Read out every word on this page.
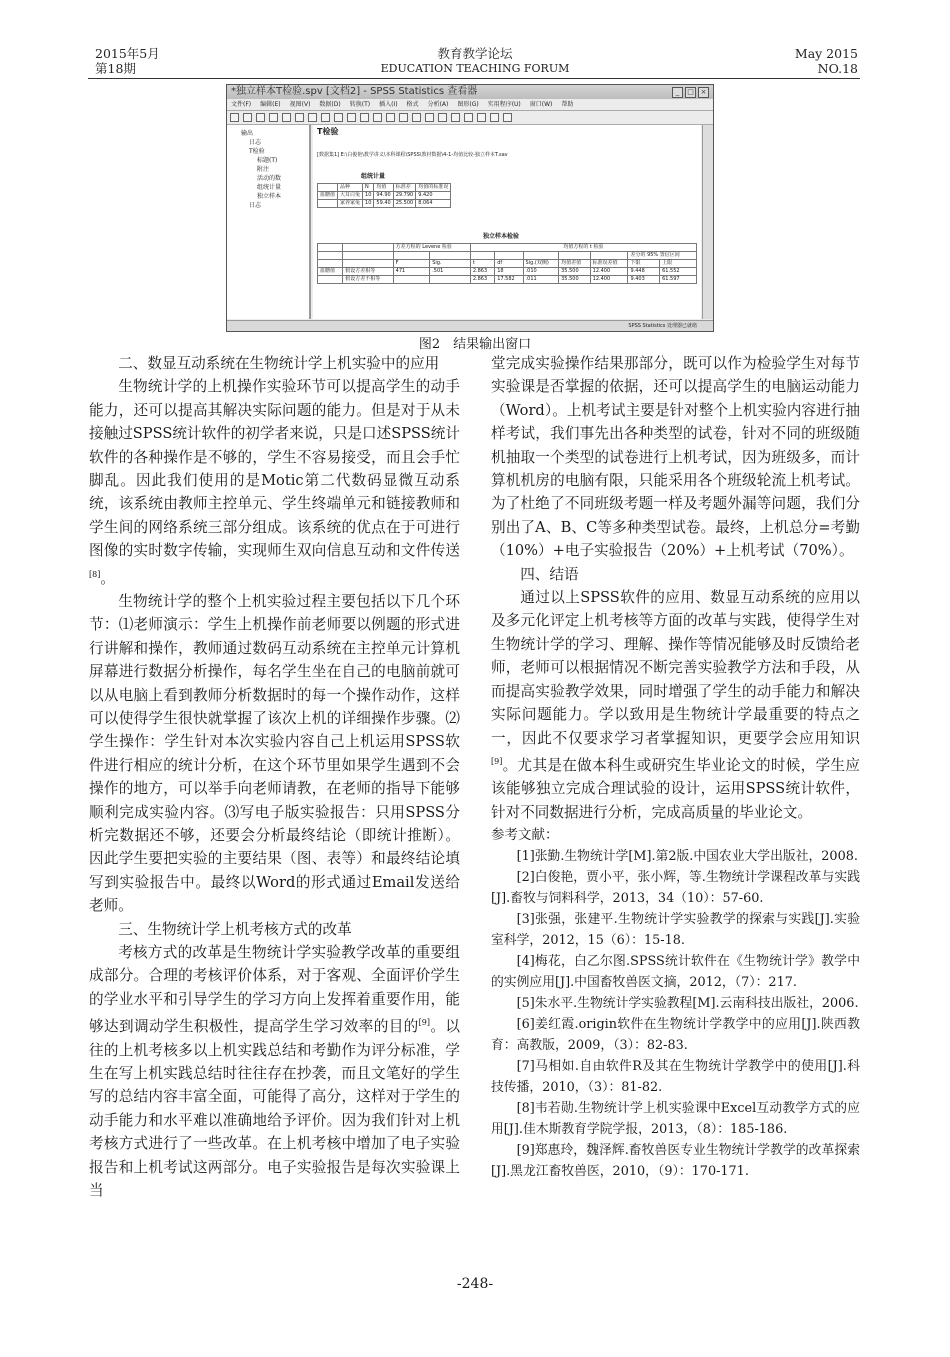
2015年5月
第18期
教育教学论坛
EDUCATION TEACHING FORUM
May 2015
NO.18
*独立样本T检验.spv [文档2] - SPSS Statistics 查看器	_	□ ×
文件(F) 编辑(E) 视图(V) 数据(D) 转换(T) 插入(I) 格式 分析(A) 图形(G) 实用程序(U) 窗口(W) 帮助
输出
日志
T检验
标题(T)
附注
活动的数
组统计量
独立样本
日志
T检验
[数据集1] E:\白俊艳\教学讲义\本科课程\SPSS\教材数据\4-1-均值比较-独立样本T.sav
组统计量
	品种	N	均值	标准差	均值的标准误
血糖值	大耳白兔	10	94.90	29.790	9.420
	家养家兔	10	59.40	25.500	8.064
独立样本检验
		方差方程的 Levene 检验		均值方程的 t 检验						
									差分的 95% 置信区间	
		F	Sig.	t	df	Sig.(双侧)	均值差值	标准误差值	下限	上限
血糖值	假设方差相等	471	.501	2.863	18	.010	35.500	12.400	9.448	61.552
	假设方差不相等			2.863	17.582	.011	35.500	12.400	9.403	61.597
SPSS Statistics 处理器已就绪
图2　结果输出窗口

二、数显互动系统在生物统计学上机实验中的应用

生物统计学的上机操作实验环节可以提高学生的动手能力，还可以提高其解决实际问题的能力。但是对于从未接触过SPSS统计软件的初学者来说，只是口述SPSS统计软件的各种操作是不够的，学生不容易接受，而且会手忙脚乱。因此我们使用的是Motic第二代数码显微互动系统，该系统由教师主控单元、学生终端单元和链接教师和学生间的网络系统三部分组成。该系统的优点在于可进行图像的实时数字传输，实现师生双向信息互动和文件传送[8]。

生物统计学的整个上机实验过程主要包括以下几个环节：⑴老师演示：学生上机操作前老师要以例题的形式进行讲解和操作，教师通过数码互动系统在主控单元计算机屏幕进行数据分析操作，每名学生坐在自己的电脑前就可以从电脑上看到教师分析数据时的每一个操作动作，这样可以使得学生很快就掌握了该次上机的详细操作步骤。⑵学生操作：学生针对本次实验内容自己上机运用SPSS软件进行相应的统计分析，在这个环节里如果学生遇到不会操作的地方，可以举手向老师请教，在老师的指导下能够顺利完成实验内容。⑶写电子版实验报告：只用SPSS分析完数据还不够，还要会分析最终结论（即统计推断）。因此学生要把实验的主要结果（图、表等）和最终结论填写到实验报告中。最终以Word的形式通过Email发送给老师。

三、生物统计学上机考核方式的改革

考核方式的改革是生物统计学实验教学改革的重要组成部分。合理的考核评价体系，对于客观、全面评价学生的学业水平和引导学生的学习方向上发挥着重要作用，能够达到调动学生积极性，提高学生学习效率的目的[9]。以往的上机考核多以上机实践总结和考勤作为评分标准，学生在写上机实践总结时往往存在抄袭，而且文笔好的学生写的总结内容丰富全面，可能得了高分，这样对于学生的动手能力和水平难以准确地给予评价。因为我们针对上机考核方式进行了一些改革。在上机考核中增加了电子实验报告和上机考试这两部分。电子实验报告是每次实验课上当

堂完成实验操作结果那部分，既可以作为检验学生对每节实验课是否掌握的依据，还可以提高学生的电脑运动能力（Word）。上机考试主要是针对整个上机实验内容进行抽样考试，我们事先出各种类型的试卷，针对不同的班级随机抽取一个类型的试卷进行上机考试，因为班级多，而计算机机房的电脑有限，只能采用各个班级轮流上机考试。为了杜绝了不同班级考题一样及考题外漏等问题，我们分别出了A、B、C等多种类型试卷。最终，上机总分=考勤（10%）+电子实验报告（20%）+上机考试（70%）。

四、结语

通过以上SPSS软件的应用、数显互动系统的应用以及多元化评定上机考核等方面的改革与实践，使得学生对生物统计学的学习、理解、操作等情况能够及时反馈给老师，老师可以根据情况不断完善实验教学方法和手段，从而提高实验教学效果，同时增强了学生的动手能力和解决实际问题能力。学以致用是生物统计学最重要的特点之一，因此不仅要求学习者掌握知识，更要学会应用知识[9]。尤其是在做本科生或研究生毕业论文的时候，学生应该能够独立完成合理试验的设计，运用SPSS统计软件，针对不同数据进行分析，完成高质量的毕业论文。

参考文献：

[1]张勤.生物统计学[M].第2版.中国农业大学出版社，2008.

[2]白俊艳，贾小平，张小辉，等.生物统计学课程改革与实践[J].畜牧与饲料科学，2013，34（10）：57-60.

[3]张强，张建平.生物统计学实验教学的探索与实践[J].实验室科学，2012，15（6）：15-18.

[4]梅花，白乙尔图.SPSS统计软件在《生物统计学》教学中的实例应用[J].中国畜牧兽医文摘，2012，（7）：217.

[5]朱水平.生物统计学实验教程[M].云南科技出版社，2006.

[6]姜红霞.origin软件在生物统计学教学中的应用[J].陕西教育：高教版，2009，（3）：82-83.

[7]马相如.自由软件R及其在生物统计学教学中的使用[J].科技传播，2010，（3）：81-82.

[8]韦若勋.生物统计学上机实验课中Excel互动教学方式的应用[J].佳木斯教育学院学报，2013，（8）：185-186.

[9]郑惠玲，魏泽辉.畜牧兽医专业生物统计学教学的改革探索[J].黑龙江畜牧兽医，2010，（9）：170-171.

-248-
